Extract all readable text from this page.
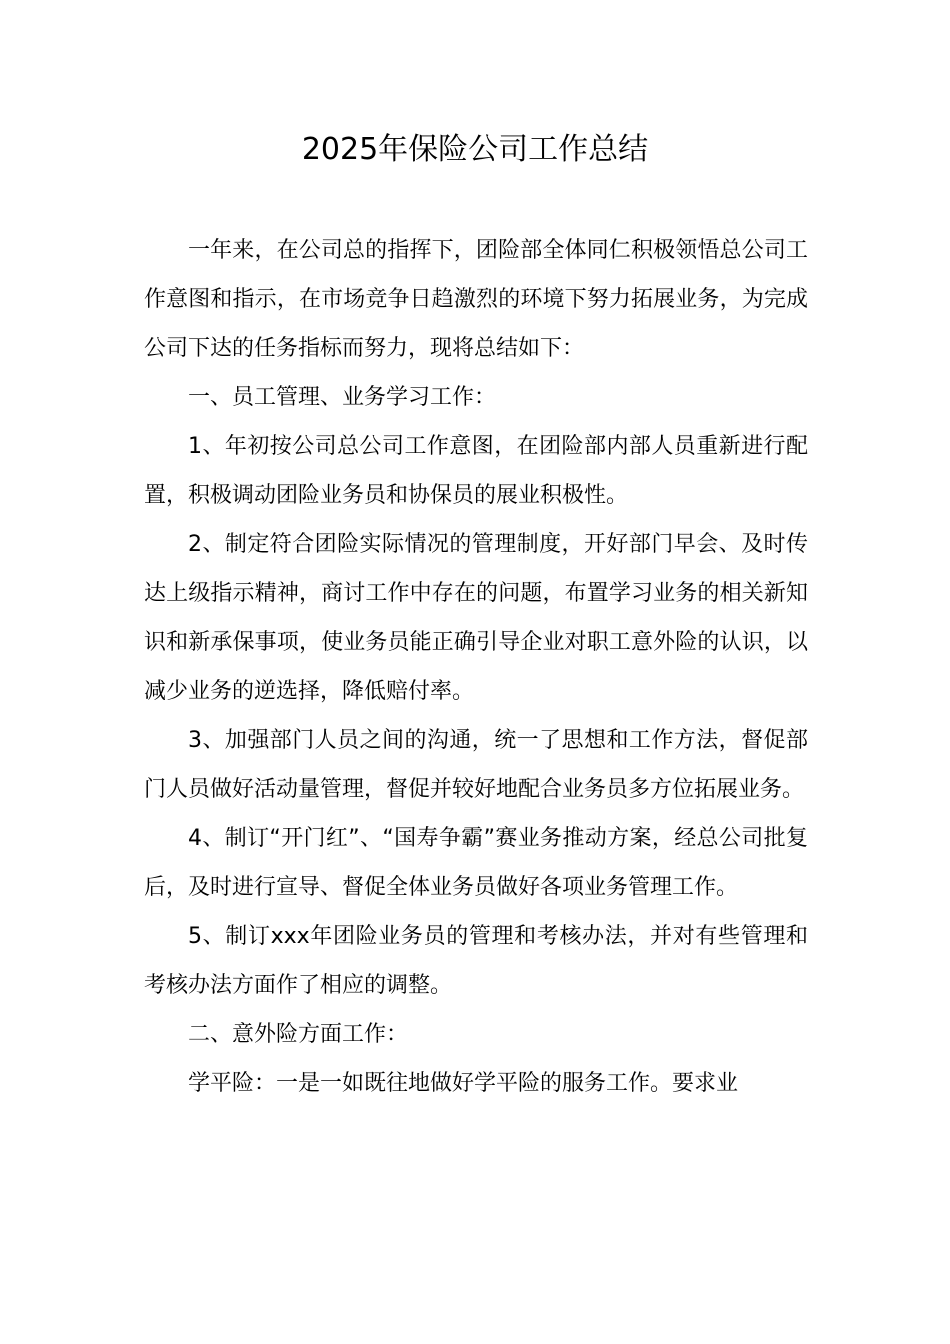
2025年保险公司工作总结

一年来，在公司总的指挥下，团险部全体同仁积极领悟总公司工作意图和指示，在市场竞争日趋激烈的环境下努力拓展业务，为完成公司下达的任务指标而努力，现将总结如下：

一、员工管理、业务学习工作：

1、年初按公司总公司工作意图，在团险部内部人员重新进行配置，积极调动团险业务员和协保员的展业积极性。

2、制定符合团险实际情况的管理制度，开好部门早会、及时传达上级指示精神，商讨工作中存在的问题，布置学习业务的相关新知识和新承保事项，使业务员能正确引导企业对职工意外险的认识，以减少业务的逆选择，降低赔付率。

3、加强部门人员之间的沟通，统一了思想和工作方法，督促部门人员做好活动量管理，督促并较好地配合业务员多方位拓展业务。

4、制订“开门红”、“国寿争霸”赛业务推动方案，经总公司批复后，及时进行宣导、督促全体业务员做好各项业务管理工作。

5、制订xxx年团险业务员的管理和考核办法，并对有些管理和考核办法方面作了相应的调整。

二、意外险方面工作：

学平险：一是一如既往地做好学平险的服务工作。要求业
